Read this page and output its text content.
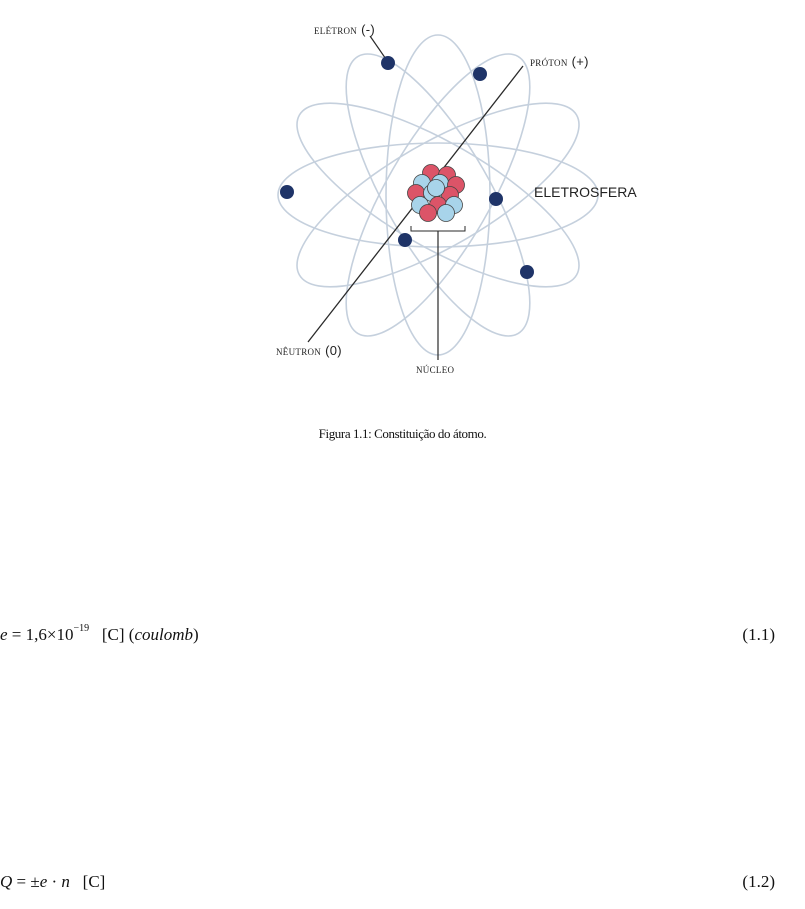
ELÉTRON (-)
PRÓTON (+)
ELETROSFERA
NÊUTRON (0)
NÚCLEO
Figura 1.1: Constituição do átomo.
$e = 1,6\times 10^{-19}$ [C] (coulomb)	(1.1)
Q = ±e · n [C]	(1.2)
